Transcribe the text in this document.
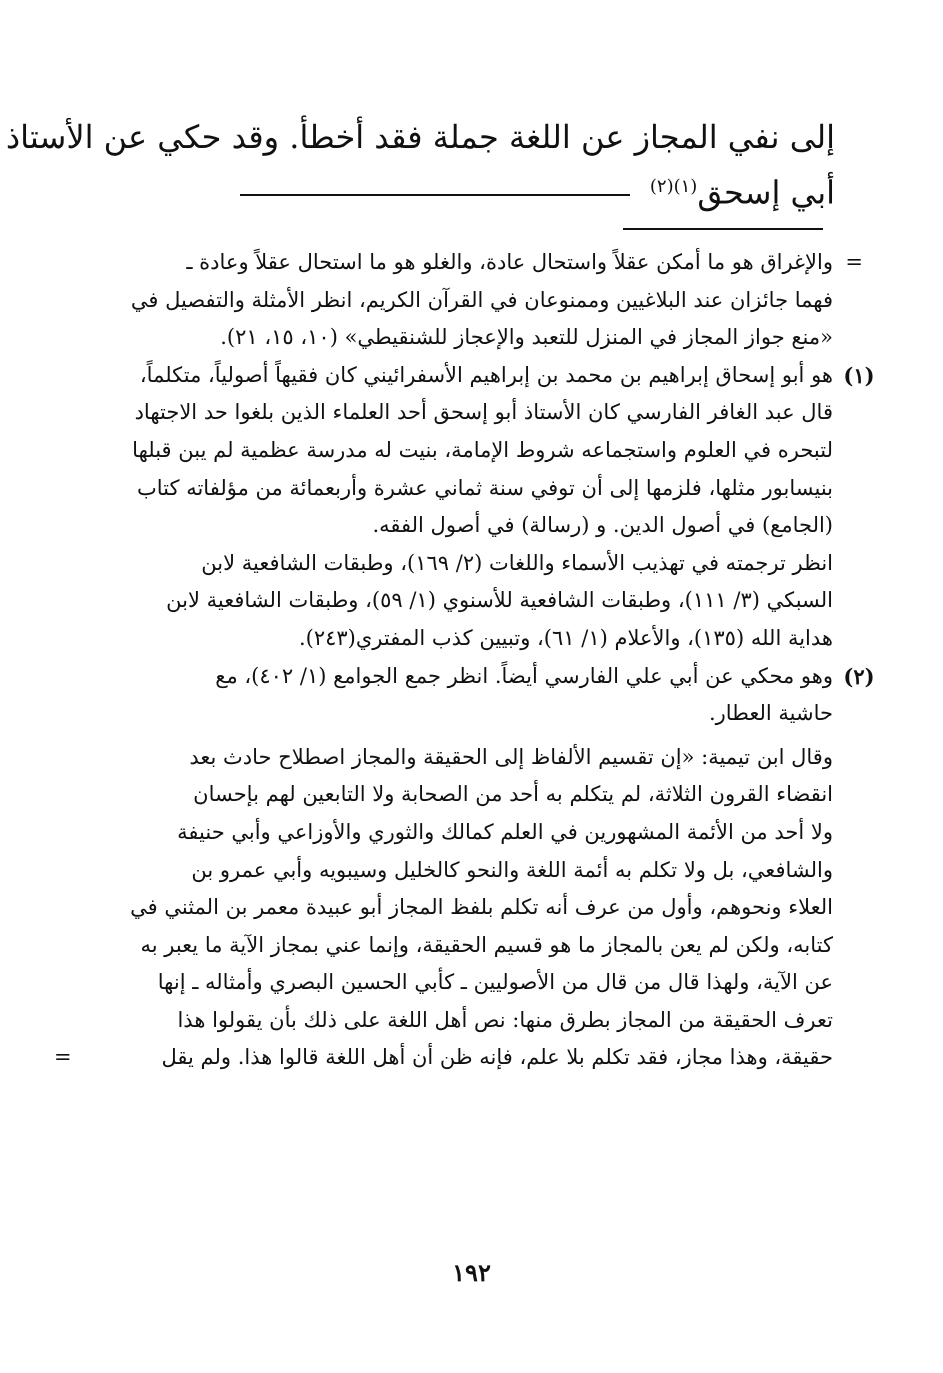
إلى نفي المجاز عن اللغة جملة فقد أخطأ. وقد حكي عن الأستاذ
أبي إسحق$^{(١)(٢)}$
=
والإغراق هو ما أمكن عقلاً واستحال عادة، والغلو هو ما استحال عقلاً وعادة ـ
فهما جائزان عند البلاغيين وممنوعان في القرآن الكريم، انظر الأمثلة والتفصيل في
«منع جواز المجاز في المنزل للتعبد والإعجاز للشنقيطي» (١٠، ١٥، ٢١).
(١)
هو أبو إسحاق إبراهيم بن محمد بن إبراهيم الأسفرائيني كان فقيهاً أصولياً، متكلماً،
قال عبد الغافر الفارسي كان الأستاذ أبو إسحق أحد العلماء الذين بلغوا حد الاجتهاد
لتبحره في العلوم واستجماعه شروط الإمامة، بنيت له مدرسة عظمية لم يبن قبلها
بنيسابور مثلها، فلزمها إلى أن توفي سنة ثماني عشرة وأربعمائة من مؤلفاته كتاب
(الجامع) في أصول الدين. و (رسالة) في أصول الفقه.
انظر ترجمته في تهذيب الأسماء واللغات (٢/ ١٦٩)، وطبقات الشافعية لابن
السبكي (٣/ ١١١)، وطبقات الشافعية للأسنوي (١/ ٥٩)، وطبقات الشافعية لابن
هداية الله (١٣٥)، والأعلام (١/ ٦١)، وتبيين كذب المفتري(٢٤٣).
(٢)
وهو محكي عن أبي علي الفارسي أيضاً. انظر جمع الجوامع (١/ ٤٠٢)، مع
حاشية العطار.
وقال ابن تيمية: «إن تقسيم الألفاظ إلى الحقيقة والمجاز اصطلاح حادث بعد
انقضاء القرون الثلاثة، لم يتكلم به أحد من الصحابة ولا التابعين لهم بإحسان
ولا أحد من الأئمة المشهورين في العلم كمالك والثوري والأوزاعي وأبي حنيفة
والشافعي، بل ولا تكلم به أئمة اللغة والنحو كالخليل وسيبويه وأبي عمرو بن
العلاء ونحوهم، وأول من عرف أنه تكلم بلفظ المجاز أبو عبيدة معمر بن المثني في
كتابه، ولكن لم يعن بالمجاز ما هو قسيم الحقيقة، وإنما عني بمجاز الآية ما يعبر به
عن الآية، ولهذا قال من قال من الأصوليين ـ كأبي الحسين البصري وأمثاله ـ إنها
تعرف الحقيقة من المجاز بطرق منها: نص أهل اللغة على ذلك بأن يقولوا هذا
حقيقة، وهذا مجاز، فقد تكلم بلا علم، فإنه ظن أن أهل اللغة قالوا هذا. ولم يقل
=
١٩٢
